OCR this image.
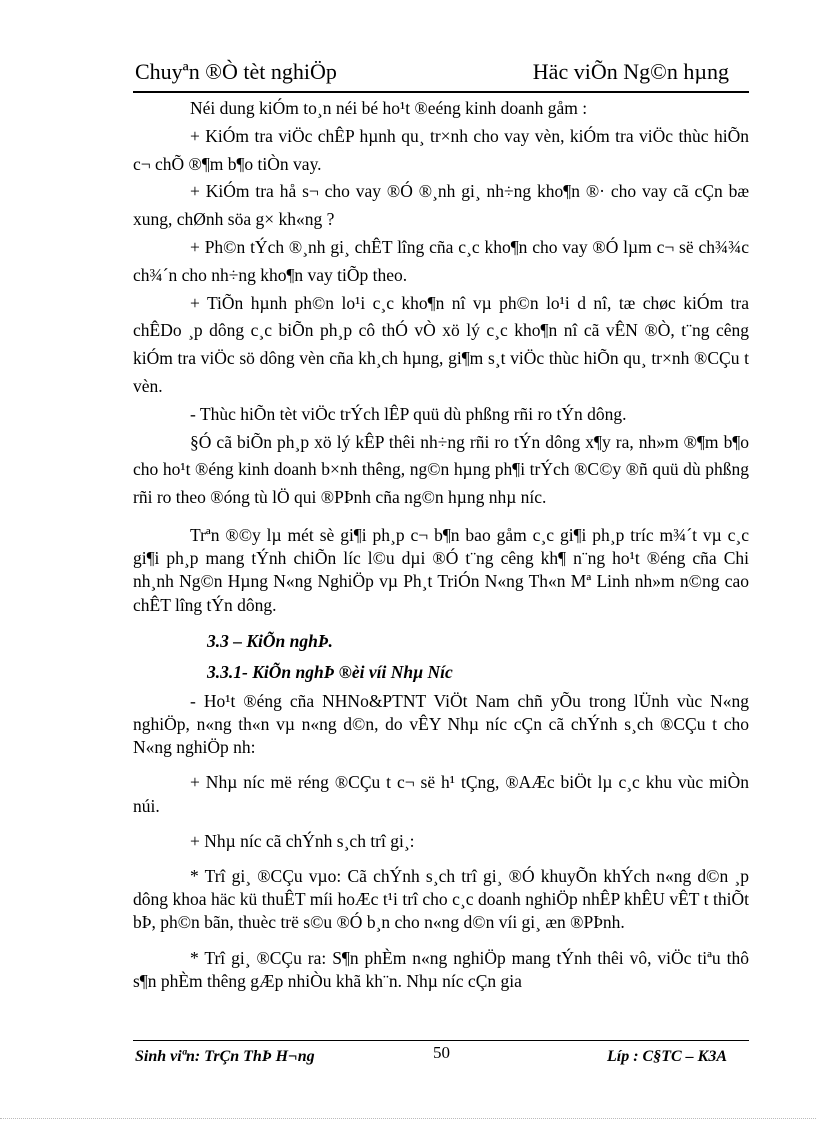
Chuyªn ®Ò tèt nghiÖp	Häc viÕn Ng©n hµng

Néi dung kiÓm to¸n néi bé ho¹t ®eéng kinh doanh gåm :

+ KiÓm tra viÖc chÊP hµnh qu¸ tr×nh cho vay vèn, kiÓm tra viÖc thùc hiÕn c¬ chÕ ®¶m b¶o tiÒn vay.

+ KiÓm tra hå s¬ cho vay ®Ó ®¸nh gi¸ nh÷ng kho¶n ®· cho vay cã cÇn bæ xung, chØnh söa g× kh«ng ?

+ Ph©n tÝch ®¸nh gi¸ chÊT lîng cña c¸c kho¶n cho vay ®Ó lµm c¬ së ch¾¾c ch¾´n cho nh÷ng kho¶n vay tiÕp theo.

+ TiÕn hµnh ph©n lo¹i c¸c kho¶n nî vµ ph©n lo¹i d nî, tæ chøc kiÓm tra chÊDo ¸p dông c¸c biÕn ph¸p cô thÓ vÒ xö lý c¸c kho¶n nî cã vÊN ®Ò, t¨ng cêng kiÓm tra viÖc sö dông vèn cña kh¸ch hµng, gi¶m s¸t viÖc thùc hiÕn qu¸ tr×nh ®CÇu t vèn.

- Thùc hiÕn tèt viÖc trÝch lÊP quü dù phßng rñi ro tÝn dông.

§Ó cã biÕn ph¸p xö lý kÊP thêi nh÷ng rñi ro tÝn dông x¶y ra, nh»m ®¶m b¶o cho ho¹t ®éng kinh doanh b×nh thêng, ng©n hµng ph¶i trÝch ®C©y ®ñ quü dù phßng rñi ro theo ®óng tù lÖ qui ®PÞnh cña ng©n hµng nhµ níc.

Trªn ®©y lµ mét sè gi¶i ph¸p c¬ b¶n bao gåm c¸c gi¶i ph¸p tríc m¾´t vµ c¸c gi¶i ph¸p mang tÝnh chiÕn líc l©u dµi ®Ó t¨ng cêng kh¶ n¨ng ho¹t ®éng cña Chi nh¸nh Ng©n Hµng N«ng NghiÖp vµ Ph¸t TriÓn N«ng Th«n Mª Linh nh»m n©ng cao chÊT lîng tÝn dông.

3.3 – KiÕn nghÞ.

3.3.1- KiÕn nghÞ ®èi víi Nhµ Níc

- Ho¹t ®éng cña NHNo&PTNT ViÖt Nam chñ yÕu trong lÜnh vùc N«ng nghiÖp, n«ng th«n vµ n«ng d©n, do vÊY Nhµ níc cÇn cã chÝnh s¸ch ®CÇu t cho N«ng nghiÖp nh:

+ Nhµ níc më réng ®CÇu t c¬ së h¹ tÇng, ®AÆc biÖt lµ c¸c khu vùc miÒn núi.

+ Nhµ níc cã chÝnh s¸ch trî gi¸:

* Trî gi¸ ®CÇu vµo: Cã chÝnh s¸ch trî gi¸ ®Ó khuyÕn khÝch n«ng d©n ¸p dông khoa häc kü thuÊT míi hoÆc t¹i trî cho c¸c doanh nghiÖp nhÊP khÊU vÊT t thiÕt bÞ, ph©n bãn, thuèc trë s©u ®Ó b¸n cho n«ng d©n víi gi¸ æn ®PÞnh.

* Trî gi¸ ®CÇu ra: S¶n phÈm n«ng nghiÖp mang tÝnh thêi vô, viÖc tiªu thô s¶n phÈm thêng gÆp nhiÒu khã kh¨n. Nhµ níc cÇn gia

Sinh viªn: TrÇn ThÞ H¬ng	50	Líp : C§TC – K3A
